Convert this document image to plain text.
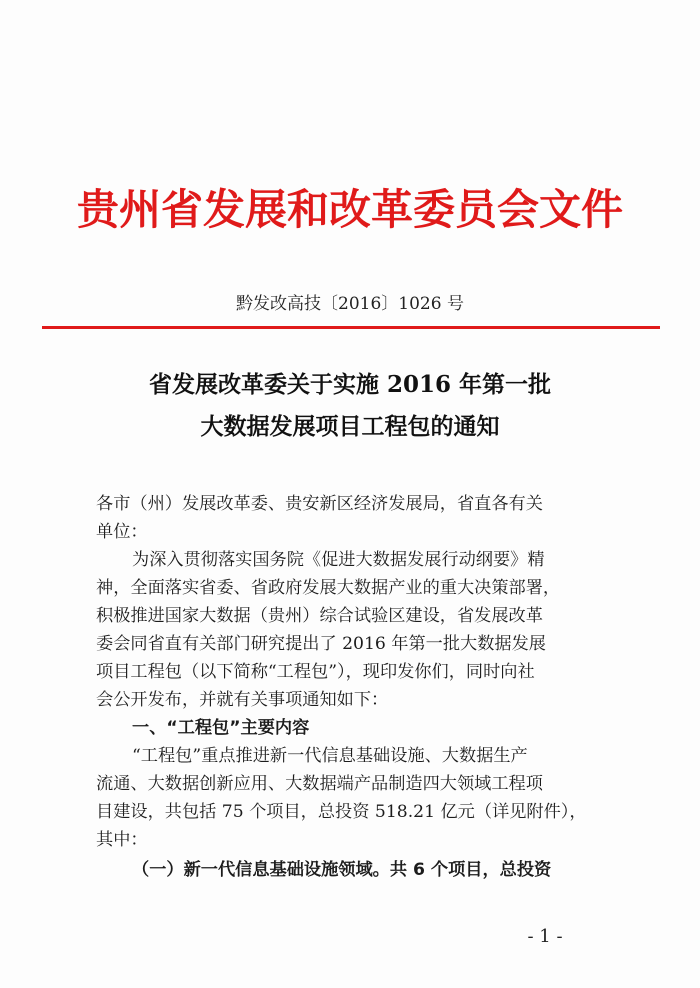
贵州省发展和改革委员会文件
黔发改高技〔2016〕1026 号
省发展改革委关于实施 2016 年第一批
大数据发展项目工程包的通知
各市（州）发展改革委、贵安新区经济发展局，省直各有关
单位：
为深入贯彻落实国务院《促进大数据发展行动纲要》精
神，全面落实省委、省政府发展大数据产业的重大决策部署，
积极推进国家大数据（贵州）综合试验区建设，省发展改革
委会同省直有关部门研究提出了 2016 年第一批大数据发展
项目工程包（以下简称“工程包”），现印发你们，同时向社
会公开发布，并就有关事项通知如下：
一、“工程包”主要内容
“工程包”重点推进新一代信息基础设施、大数据生产
流通、大数据创新应用、大数据端产品制造四大领域工程项
目建设，共包括 75 个项目，总投资 518.21 亿元（详见附件），
其中：
（一）新一代信息基础设施领域。共 6 个项目，总投资
- 1 -
